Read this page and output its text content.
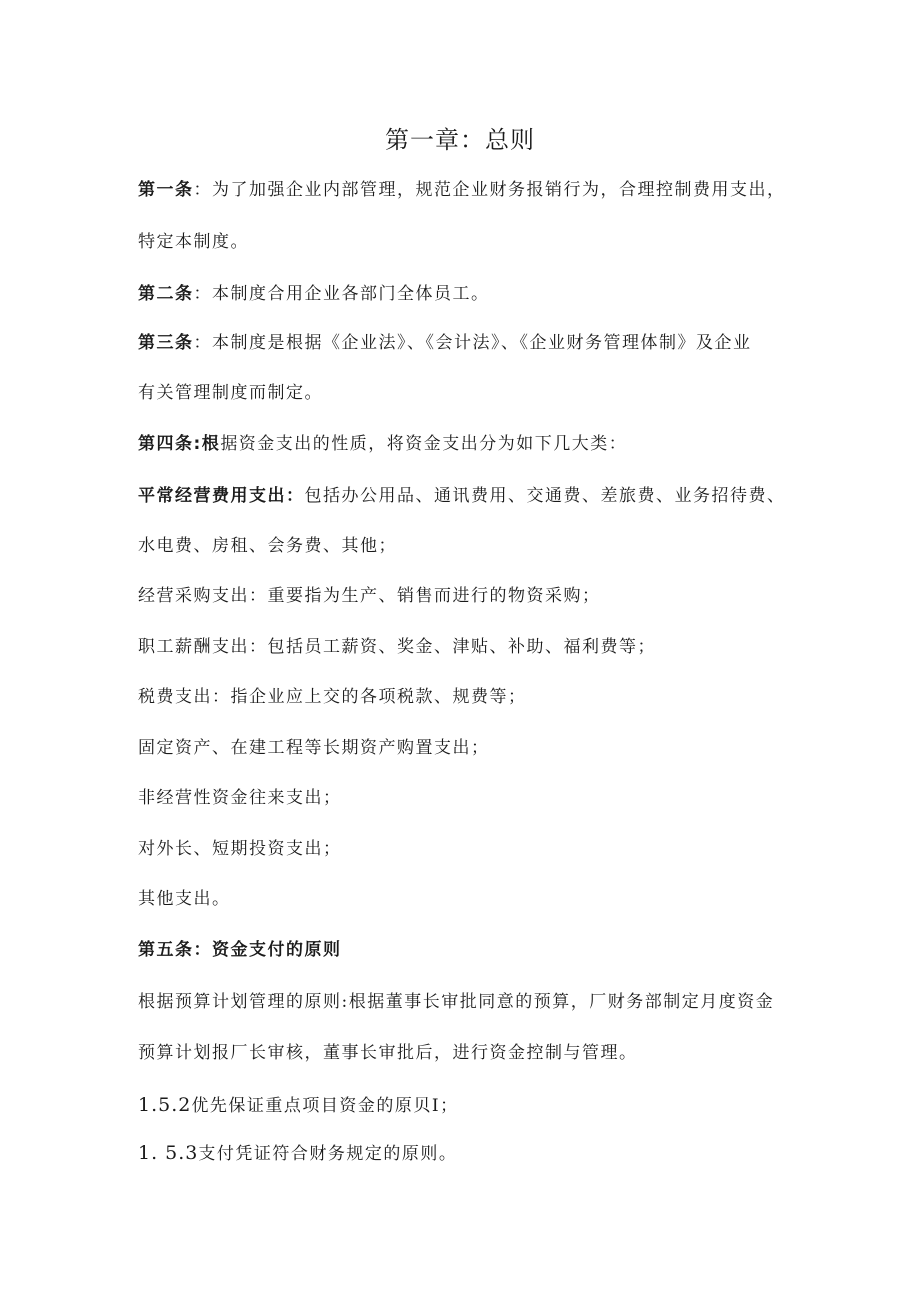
第一章：总则
第一条：为了加强企业内部管理，规范企业财务报销行为，合理控制费用支出，
特定本制度。
第二条：本制度合用企业各部门全体员工。
第三条：本制度是根据《企业法》、《会计法》、《企业财务管理体制》及企业
有关管理制度而制定。
第四条:根据资金支出的性质，将资金支出分为如下几大类：
平常经营费用支出：包括办公用品、通讯费用、交通费、差旅费、业务招待费、
水电费、房租、会务费、其他；
经营采购支出：重要指为生产、销售而进行的物资采购；
职工薪酬支出：包括员工薪资、奖金、津贴、补助、福利费等；
税费支出：指企业应上交的各项税款、规费等；
固定资产、在建工程等长期资产购置支出；
非经营性资金往来支出；
对外长、短期投资支出；
其他支出。
第五条：资金支付的原则
根据预算计划管理的原则:根据董事长审批同意的预算，厂财务部制定月度资金
预算计划报厂长审核，董事长审批后，进行资金控制与管理。
1.5.2优先保证重点项目资金的原贝I；
1. 5.3支付凭证符合财务规定的原则。
